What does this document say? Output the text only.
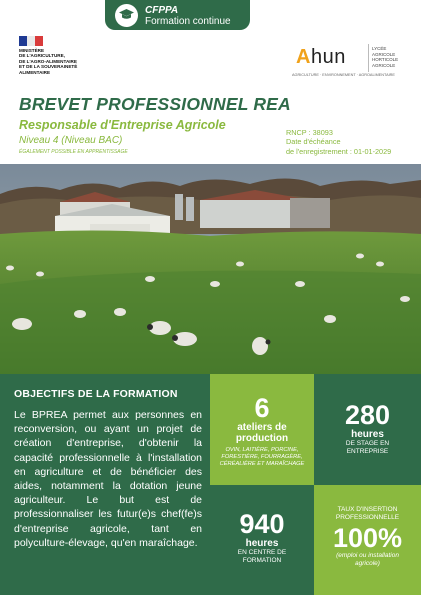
CFPPA
Formation continue
MINISTÈRE
DE L'AGRICULTURE,
DE L'AGRO-ALIMENTAIRE
ET DE LA SOUVERAINETÉ
ALIMENTAIRE
Ahun
AGRICULTURE · ENVIRONNEMENT · AGROALIMENTAIRE
LYCÉE
AGRICOLE
HORTICOLE
AGRICOLE
BREVET PROFESSIONNEL REA
Responsable d'Entreprise Agricole
Niveau 4 (Niveau BAC)
ÉGALEMENT POSSIBLE EN APPRENTISSAGE
RNCP : 38093
Date d'échéance
de l'enregistrement : 01-01-2029
OBJECTIFS DE LA FORMATION
Le BPREA permet aux personnes en reconversion, ou ayant un projet de création d'entreprise, d'obtenir la capacité professionnelle à l'installation en agriculture et de bénéficier des aides, notamment la dotation jeune agriculteur. Le but est de professionnaliser les futur(e)s chef(fe)s d'entreprise agricole, tant en polyculture-élevage, qu'en maraîchage.
6
ateliers de production
OVIN, LAITIÈRE, PORCINE, FORESTIÈRE, FOURRAGÈRE, CÉRÉALIÈRE ET MARAÎCHAGE
280
heures
DE STAGE EN ENTREPRISE
940
heures
EN CENTRE DE FORMATION
TAUX D'INSERTION PROFESSIONNELLE
100%
(emploi ou installation agricole)
